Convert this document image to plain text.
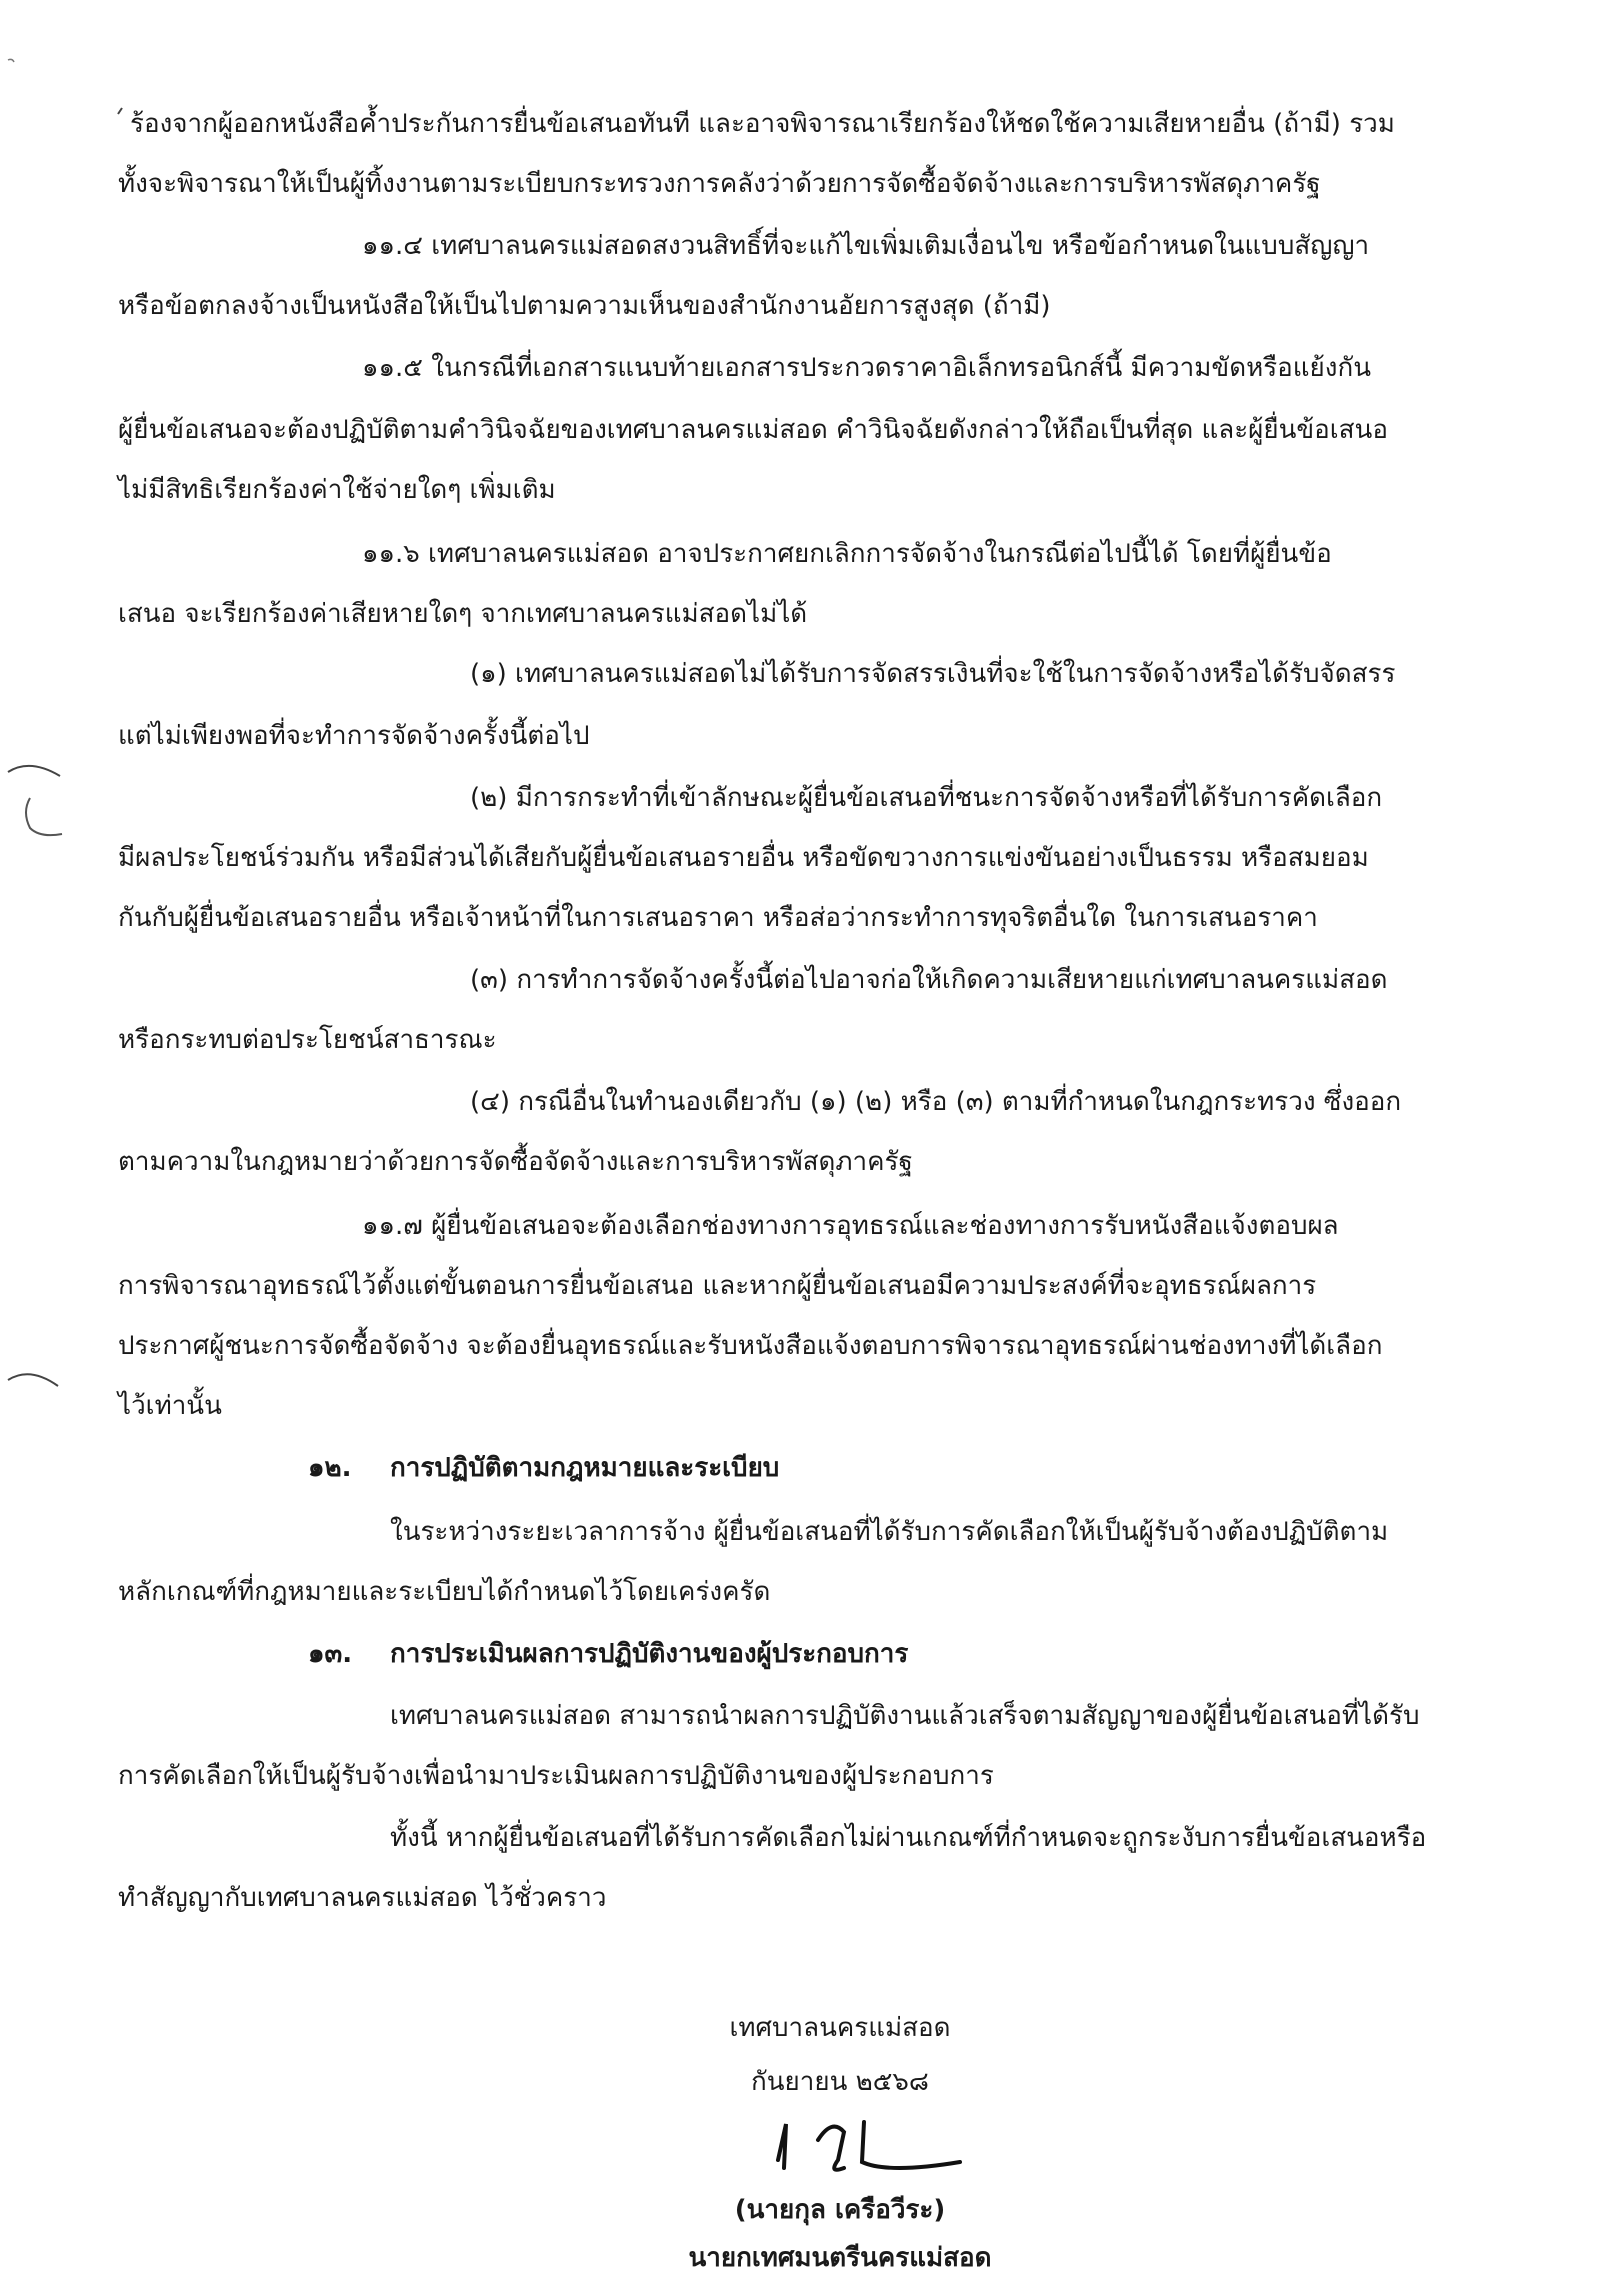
ร้องจากผู้ออกหนังสือค้ำประกันการยื่นข้อเสนอทันที และอาจพิจารณาเรียกร้องให้ชดใช้ความเสียหายอื่น (ถ้ามี) รวม
ทั้งจะพิจารณาให้เป็นผู้ทิ้งงานตามระเบียบกระทรวงการคลังว่าด้วยการจัดซื้อจัดจ้างและการบริหารพัสดุภาครัฐ
๑๑.๔ เทศบาลนครแม่สอดสงวนสิทธิ์ที่จะแก้ไขเพิ่มเติมเงื่อนไข หรือข้อกำหนดในแบบสัญญา
หรือข้อตกลงจ้างเป็นหนังสือให้เป็นไปตามความเห็นของสำนักงานอัยการสูงสุด (ถ้ามี)
๑๑.๕ ในกรณีที่เอกสารแนบท้ายเอกสารประกวดราคาอิเล็กทรอนิกส์นี้ มีความขัดหรือแย้งกัน
ผู้ยื่นข้อเสนอจะต้องปฏิบัติตามคำวินิจฉัยของเทศบาลนครแม่สอด คำวินิจฉัยดังกล่าวให้ถือเป็นที่สุด และผู้ยื่นข้อเสนอ
ไม่มีสิทธิเรียกร้องค่าใช้จ่ายใดๆ เพิ่มเติม
๑๑.๖ เทศบาลนครแม่สอด อาจประกาศยกเลิกการจัดจ้างในกรณีต่อไปนี้ได้ โดยที่ผู้ยื่นข้อ
เสนอ จะเรียกร้องค่าเสียหายใดๆ จากเทศบาลนครแม่สอดไม่ได้
(๑) เทศบาลนครแม่สอดไม่ได้รับการจัดสรรเงินที่จะใช้ในการจัดจ้างหรือได้รับจัดสรร
แต่ไม่เพียงพอที่จะทำการจัดจ้างครั้งนี้ต่อไป
(๒) มีการกระทำที่เข้าลักษณะผู้ยื่นข้อเสนอที่ชนะการจัดจ้างหรือที่ได้รับการคัดเลือก
มีผลประโยชน์ร่วมกัน หรือมีส่วนได้เสียกับผู้ยื่นข้อเสนอรายอื่น หรือขัดขวางการแข่งขันอย่างเป็นธรรม หรือสมยอม
กันกับผู้ยื่นข้อเสนอรายอื่น หรือเจ้าหน้าที่ในการเสนอราคา หรือส่อว่ากระทำการทุจริตอื่นใด ในการเสนอราคา
(๓) การทำการจัดจ้างครั้งนี้ต่อไปอาจก่อให้เกิดความเสียหายแก่เทศบาลนครแม่สอด
หรือกระทบต่อประโยชน์สาธารณะ
(๔) กรณีอื่นในทำนองเดียวกับ (๑) (๒) หรือ (๓) ตามที่กำหนดในกฎกระทรวง ซึ่งออก
ตามความในกฎหมายว่าด้วยการจัดซื้อจัดจ้างและการบริหารพัสดุภาครัฐ
๑๑.๗ ผู้ยื่นข้อเสนอจะต้องเลือกช่องทางการอุทธรณ์และช่องทางการรับหนังสือแจ้งตอบผล
การพิจารณาอุทธรณ์ไว้ตั้งแต่ขั้นตอนการยื่นข้อเสนอ และหากผู้ยื่นข้อเสนอมีความประสงค์ที่จะอุทธรณ์ผลการ
ประกาศผู้ชนะการจัดซื้อจัดจ้าง จะต้องยื่นอุทธรณ์และรับหนังสือแจ้งตอบการพิจารณาอุทธรณ์ผ่านช่องทางที่ได้เลือก
ไว้เท่านั้น
๑๒. การปฏิบัติตามกฎหมายและระเบียบ
ในระหว่างระยะเวลาการจ้าง ผู้ยื่นข้อเสนอที่ได้รับการคัดเลือกให้เป็นผู้รับจ้างต้องปฏิบัติตาม
หลักเกณฑ์ที่กฎหมายและระเบียบได้กำหนดไว้โดยเคร่งครัด
๑๓. การประเมินผลการปฏิบัติงานของผู้ประกอบการ
เทศบาลนครแม่สอด สามารถนำผลการปฏิบัติงานแล้วเสร็จตามสัญญาของผู้ยื่นข้อเสนอที่ได้รับ
การคัดเลือกให้เป็นผู้รับจ้างเพื่อนำมาประเมินผลการปฏิบัติงานของผู้ประกอบการ
ทั้งนี้ หากผู้ยื่นข้อเสนอที่ได้รับการคัดเลือกไม่ผ่านเกณฑ์ที่กำหนดจะถูกระงับการยื่นข้อเสนอหรือ
ทำสัญญากับเทศบาลนครแม่สอด ไว้ชั่วคราว
เทศบาลนครแม่สอด
กันยายน ๒๕๖๘
(นายกุล เครือวีระ)
นายกเทศมนตรีนครแม่สอด
